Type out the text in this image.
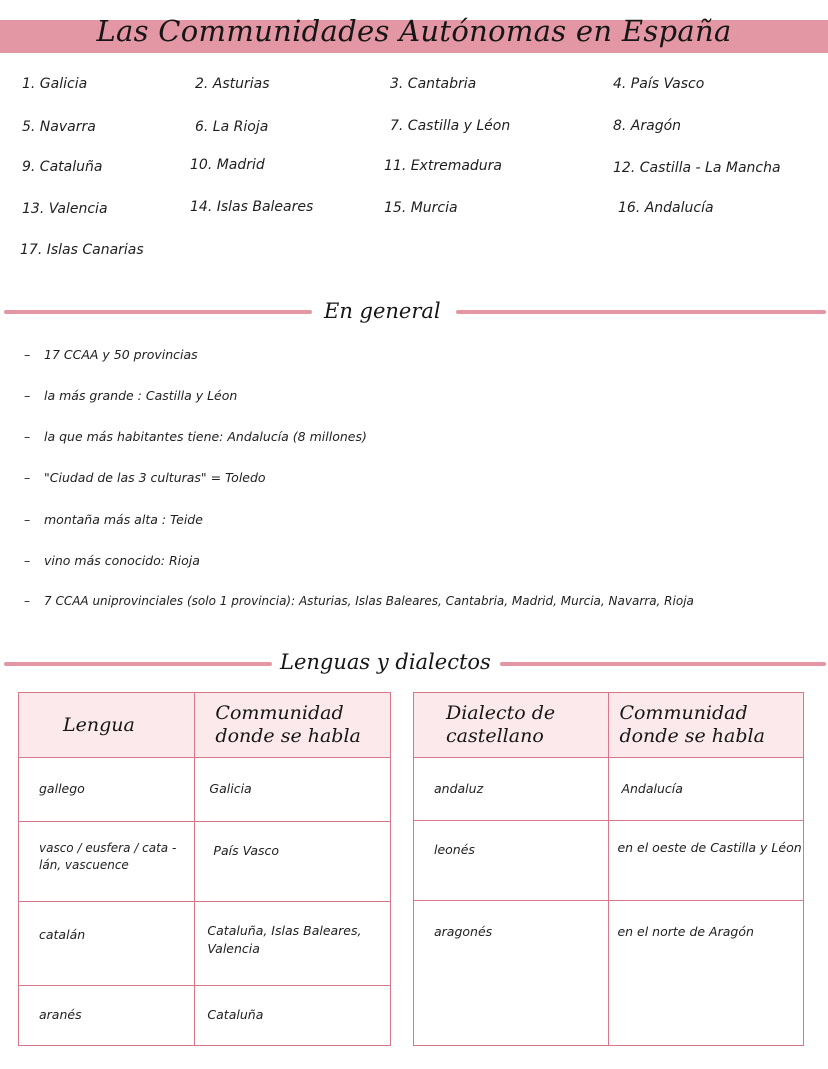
Las Communidades Autónomas en España
1. Galicia	2. Asturias	3. Cantabria	4. País Vasco
5. Navarra	6. La Rioja	7. Castilla y Léon	8. Aragón
9. Cataluña	10. Madrid	11. Extremadura	12. Castilla - La Mancha
13. Valencia	14. Islas Baleares	15. Murcia	16. Andalucía
17. Islas Canarias
En general
– 17 CCAA y 50 provincias
– la más grande : Castilla y Léon
– la que más habitantes tiene: Andalucía (8 millones)
– "Ciudad de las 3 culturas" = Toledo
– montaña más alta : Teide
– vino más conocido: Rioja
– 7 CCAA uniprovinciales (solo 1 provincia): Asturias, Islas Baleares, Cantabria, Madrid, Murcia, Navarra, Rioja
Lenguas y dialectos
Lengua	Communidad donde se habla
gallego	Galicia
vasco / eusfera / cata - lán, vascuence	País Vasco
catalán	Cataluña, Islas Baleares, Valencia
aranés	Cataluña
Dialecto de castellano	Communidad donde se habla
andaluz	Andalucía
leonés	en el oeste de Castilla y Léon
aragonés	en el norte de Aragón
